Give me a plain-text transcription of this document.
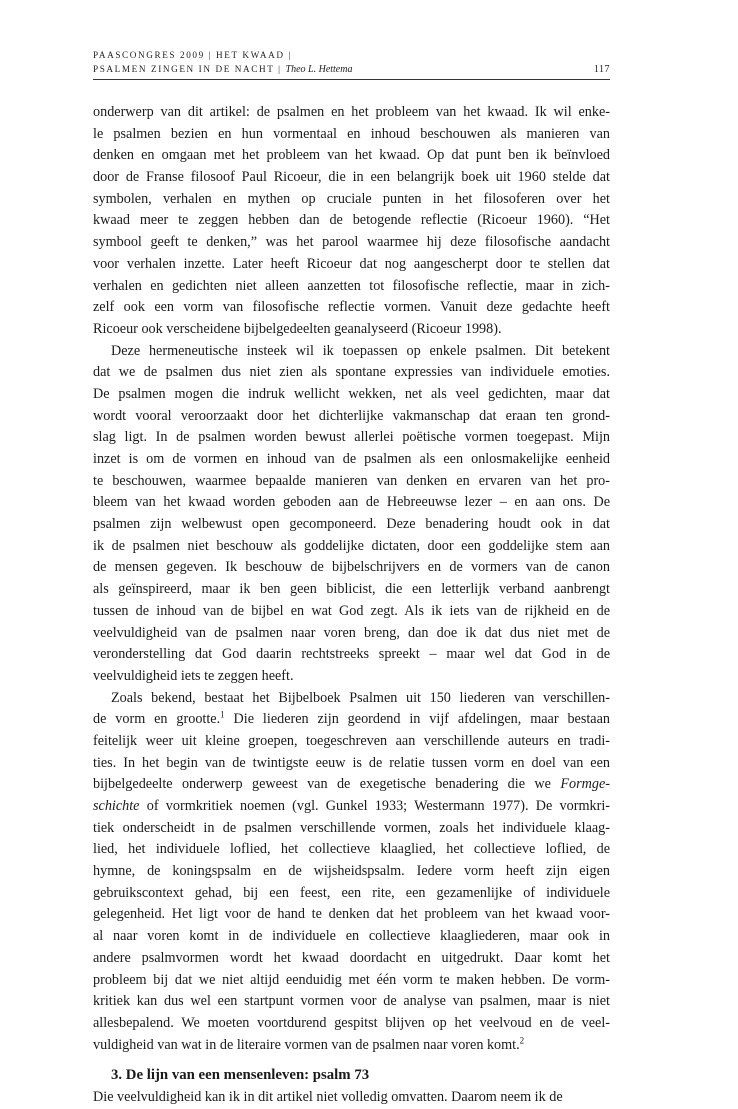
PAASCONGRES 2009 | HET KWAAD |
PSALMEN ZINGEN IN DE NACHT | Theo L. Hettema	117
onderwerp van dit artikel: de psalmen en het probleem van het kwaad. Ik wil enke-
le psalmen bezien en hun vormentaal en inhoud beschouwen als manieren van
denken en omgaan met het probleem van het kwaad. Op dat punt ben ik beïnvloed
door de Franse filosoof Paul Ricoeur, die in een belangrijk boek uit 1960 stelde dat
symbolen, verhalen en mythen op cruciale punten in het filosoferen over het
kwaad meer te zeggen hebben dan de betogende reflectie (Ricoeur 1960). “Het
symbool geeft te denken,” was het parool waarmee hij deze filosofische aandacht
voor verhalen inzette. Later heeft Ricoeur dat nog aangescherpt door te stellen dat
verhalen en gedichten niet alleen aanzetten tot filosofische reflectie, maar in zich-
zelf ook een vorm van filosofische reflectie vormen. Vanuit deze gedachte heeft
Ricoeur ook verscheidene bijbelgedeelten geanalyseerd (Ricoeur 1998).
Deze hermeneutische insteek wil ik toepassen op enkele psalmen. Dit betekent
dat we de psalmen dus niet zien als spontane expressies van individuele emoties.
De psalmen mogen die indruk wellicht wekken, net als veel gedichten, maar dat
wordt vooral veroorzaakt door het dichterlijke vakmanschap dat eraan ten grond-
slag ligt. In de psalmen worden bewust allerlei poëtische vormen toegepast. Mijn
inzet is om de vormen en inhoud van de psalmen als een onlosmakelijke eenheid
te beschouwen, waarmee bepaalde manieren van denken en ervaren van het pro-
bleem van het kwaad worden geboden aan de Hebreeuwse lezer – en aan ons. De
psalmen zijn welbewust open gecomponeerd. Deze benadering houdt ook in dat
ik de psalmen niet beschouw als goddelijke dictaten, door een goddelijke stem aan
de mensen gegeven. Ik beschouw de bijbelschrijvers en de vormers van de canon
als geïnspireerd, maar ik ben geen biblicist, die een letterlijk verband aanbrengt
tussen de inhoud van de bijbel en wat God zegt. Als ik iets van de rijkheid en de
veelvuldigheid van de psalmen naar voren breng, dan doe ik dat dus niet met de
veronderstelling dat God daarin rechtstreeks spreekt – maar wel dat God in de
veelvuldigheid iets te zeggen heeft.
Zoals bekend, bestaat het Bijbelboek Psalmen uit 150 liederen van verschillen-
de vorm en grootte.$^1$ Die liederen zijn geordend in vijf afdelingen, maar bestaan
feitelijk weer uit kleine groepen, toegeschreven aan verschillende auteurs en tradi-
ties. In het begin van de twintigste eeuw is de relatie tussen vorm en doel van een
bijbelgedeelte onderwerp geweest van de exegetische benadering die we Formge-
schichte of vormkritiek noemen (vgl. Gunkel 1933; Westermann 1977). De vormkri-
tiek onderscheidt in de psalmen verschillende vormen, zoals het individuele klaag-
lied, het individuele loflied, het collectieve klaaglied, het collectieve loflied, de
hymne, de koningspsalm en de wijsheidspsalm. Iedere vorm heeft zijn eigen
gebruikscontext gehad, bij een feest, een rite, een gezamenlijke of individuele
gelegenheid. Het ligt voor de hand te denken dat het probleem van het kwaad voor-
al naar voren komt in de individuele en collectieve klaagliederen, maar ook in
andere psalmvormen wordt het kwaad doordacht en uitgedrukt. Daar komt het
probleem bij dat we niet altijd eenduidig met één vorm te maken hebben. De vorm-
kritiek kan dus wel een startpunt vormen voor de analyse van psalmen, maar is niet
allesbepalend. We moeten voortdurend gespitst blijven op het veelvoud en de veel-
vuldigheid van wat in de literaire vormen van de psalmen naar voren komt.$^2$
3. De lijn van een mensenleven: psalm 73
Die veelvuldigheid kan ik in dit artikel niet volledig omvatten. Daarom neem ik de
